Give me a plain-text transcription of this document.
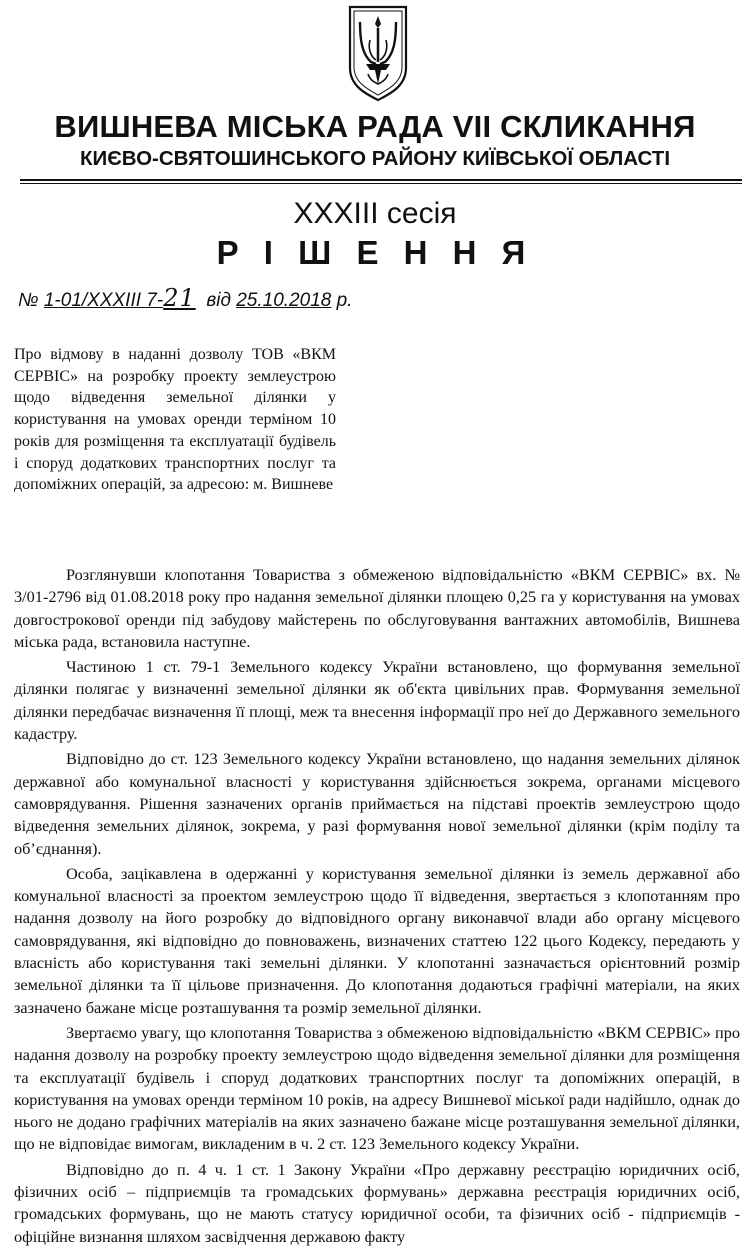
ВИШНЕВА МІСЬКА РАДА VII СКЛИКАННЯ
КИЄВО-СВЯТОШИНСЬКОГО РАЙОНУ КИЇВСЬКОЇ ОБЛАСТІ
XXXIII сесія
Р І Ш Е Н Н Я
№ 1-01/XXXIII 7-21 від 25.10.2018 р.
Про відмову в наданні дозволу ТОВ «ВКМ СЕРВІС» на розробку проекту землеустрою щодо відведення земельної ділянки у користування на умовах оренди терміном 10 років для розміщення та експлуатації будівель і споруд додаткових транспортних послуг та допоміжних операцій, за адресою: м. Вишневе

Розглянувши клопотання Товариства з обмеженою відповідальністю «ВКМ СЕРВІС» вх. № 3/01-2796 від 01.08.2018 року про надання земельної ділянки площею 0,25 га у користування на умовах довгострокової оренди під забудову майстерень по обслуговування вантажних автомобілів, Вишнева міська рада, встановила наступне.

Частиною 1 ст. 79-1 Земельного кодексу України встановлено, що формування земельної ділянки полягає у визначенні земельної ділянки як об'єкта цивільних прав. Формування земельної ділянки передбачає визначення її площі, меж та внесення інформації про неї до Державного земельного кадастру.

Відповідно до ст. 123 Земельного кодексу України встановлено, що надання земельних ділянок державної або комунальної власності у користування здійснюється зокрема, органами місцевого самоврядування. Рішення зазначених органів приймається на підставі проектів землеустрою щодо відведення земельних ділянок, зокрема, у разі формування нової земельної ділянки (крім поділу та об’єднання).

Особа, зацікавлена в одержанні у користування земельної ділянки із земель державної або комунальної власності за проектом землеустрою щодо її відведення, звертається з клопотанням про надання дозволу на його розробку до відповідного органу виконавчої влади або органу місцевого самоврядування, які відповідно до повноважень, визначених статтею 122 цього Кодексу, передають у власність або користування такі земельні ділянки. У клопотанні зазначається орієнтовний розмір земельної ділянки та її цільове призначення. До клопотання додаються графічні матеріали, на яких зазначено бажане місце розташування та розмір земельної ділянки.

Звертаємо увагу, що клопотання Товариства з обмеженою відповідальністю «ВКМ СЕРВІС» про надання дозволу на розробку проекту землеустрою щодо відведення земельної ділянки для розміщення та експлуатації будівель і споруд додаткових транспортних послуг та допоміжних операцій, в користування на умовах оренди терміном 10 років, на адресу Вишневої міської ради надійшло, однак до нього не додано графічних матеріалів на яких зазначено бажане місце розташування земельної ділянки, що не відповідає вимогам, викладеним в ч. 2 ст. 123 Земельного кодексу України.

Відповідно до п. 4 ч. 1 ст. 1 Закону України «Про державну реєстрацію юридичних осіб, фізичних осіб – підприємців та громадських формувань» державна реєстрація юридичних осіб, громадських формувань, що не мають статусу юридичної особи, та фізичних осіб - підприємців - офіційне визнання шляхом засвідчення державою факту
